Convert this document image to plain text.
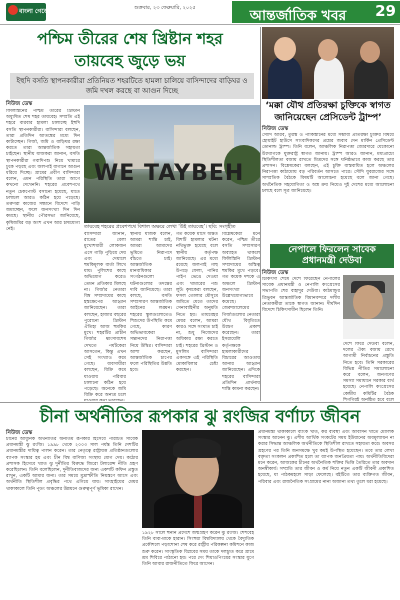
বাংলা গেজেট	শুক্রবার, ২৩ ফেব্রুয়ারি, ২০২৫	আন্তর্জাতিক খবর	29
পশ্চিম তীরের শেষ খ্রিষ্টান শহর
তায়বেহ জুড়ে ভয়
ইহুদি বসতি স্থাপনকারীরা প্রতিনিয়ত শহরটিতে হামলা চালিয়ে বাসিন্দাদের বাড়িঘর ও জমি দখল করছে বা আগুন দিচ্ছে
নিউজ ডেস্ক
ফিলিস্তিনের পশ্চিম তীরের খ্রিস্টান অধ্যুষিত শেষ শহর তায়বেহ। সম্প্রতি এই শহরে বারবার হামলা চালাচ্ছে ইহুদি বসতি স্থাপনকারীরা। বাসিন্দারা বলছেন, তারা প্রতিদিন আতঙ্কের মধ্যে দিন কাটাচ্ছেন। গির্জা, জমি ও বাড়িঘর রক্ষা করতে তারা আন্তর্জাতিক সহায়তা চাইছেন। স্থানীয় যাজকরা জানান, বসতি স্থাপনকারীরা গবাদিপশু নিয়ে খামারে ঢুকে পড়ছে এবং জলপাই বাগানে আগুন ধরিয়ে দিচ্ছে। গ্রামের প্রবীণ বাসিন্দারা বলেন, এমন পরিস্থিতি তারা আগে কখনো দেখেননি। শহরের প্রবেশপথে নতুন চেকপোস্ট বসানো হয়েছে, যাতে চলাচল আরও কঠিন হয়ে পড়েছে। তরুণরা কাজের সন্ধানে বিদেশে পাড়ি জমাচ্ছেন, ফলে জনসংখ্যা দিন দিন কমছে। স্থানীয় পৌরসভা জানিয়েছে, কৃষিজমির বড় অংশ এখন আর চাষযোগ্য নেই।
WE TAYBEH
তায়বেহ শহরের প্রবেশপথে বিশাল অক্ষরে লেখা ‘উই তায়বেহ’। ছবি: সংগৃহীত
বাসিন্দারা জানান, রাতের বেলা মুখোশধারী লোকজন এসে গাড়ি পুড়িয়ে দেয় এবং দেয়ালে হুমকিমূলক বার্তা লিখে যায়। পুলিশের কাছে অভিযোগ করেও তেমন প্রতিকার মিলছে না। গির্জার নেতারা বিশ্ব সম্প্রদায়ের কাছে হস্তক্ষেপের আহ্বান জানিয়েছেন। তারা বলছেন, হাজার বছরের পুরোনো খ্রিস্টান ঐতিহ্য আজ হুমকির মুখে। শহরটির প্রাচীন গির্জার ধ্বংসাবশেষ দেখতে পর্যটকেরা আসতেন, কিন্তু এখন সেই সংখ্যাও কমে গেছে। ব্যবসায়ীরা বলছেন, বিক্রি কমে যাওয়ায় পরিবার চালানো কঠিন হয়ে পড়েছে। অনেকে জমি বিক্রি করে অন্যত্র চলে
স্থানীয় যাজক বলেন, আমরা শান্তি চাই, আমরা আমাদের ভূমিতে নিরাপদে বাঁচতে চাই। আন্তর্জাতিক মানবাধিকার সংগঠনগুলো ঘটনাগুলোর তদন্তের দাবি জানিয়েছে। তারা বলছে, বসতি সম্প্রসারণ আন্তর্জাতিক আইনের লঙ্ঘন। শহরের স্কুলগুলোতেও শিশুদের উপস্থিতি কমে গেছে, কারণ অভিভাবকেরা সন্তানদের নিরাপত্তা নিয়ে উদ্বিগ্ন। বাসিন্দারা আশা করছেন, আন্তর্জাতিক চাপের ফলে পরিস্থিতির উন্নতি হবে।
গত কয়েক মাসে অন্তত বিশটি হামলার ঘটনা নথিভুক্ত হয়েছে বলে স্থানীয় কর্তৃপক্ষ জানিয়েছে। এর মধ্যে রয়েছে জলপাই গাছ উপড়ে ফেলা, পানির পাইপ ভেঙে দেওয়া এবং খামারের পশু লুট। কৃষকেরা বলছেন, ফসল তোলার মৌসুমে জমিতে যেতে তাদের সেনাবাহিনীর অনুমতি নিতে হয়। তায়বেহর মেয়র বলেন, আমরা কারও সঙ্গে সংঘাত চাই না, শুধু নিজেদের অধিকার রক্ষা করতে চাই। শহরের খ্রিস্টান ও মুসলিম বাসিন্দারা একসঙ্গে এই পরিস্থিতি মোকাবিলার চেষ্টা করছেন।
বিশ্লেষকেরা মনে করেন, পশ্চিম তীরে বসতি সম্প্রসারণ অব্যাহত থাকলে ফিলিস্তিনি খ্রিস্টান সম্প্রদায়ের অস্তিত্ব হুমকির মুখে পড়বে। গত কয়েক দশকে এ অঞ্চলে খ্রিস্টান জনসংখ্যা উল্লেখযোগ্যভাবে কমেছে। জেরুজালেমের গির্জাগুলোর নেতারা যৌথ বিবৃতিতে উদ্বেগ প্রকাশ করেছেন। তারা ইসরায়েলি কর্তৃপক্ষকে হামলাকারীদের বিচারের আওতায় আনার আহ্বান জানিয়েছেন। এদিকে শহরের বাসিন্দারা প্রতিদিন প্রার্থনায় শান্তি কামনা করছেন।
‘মক্কা যৌথ প্রতিরক্ষা চুক্তিকে স্বাগত জানিয়েছেন প্রেসিডেন্ট ট্রাম্প’
নিউজ ডেস্ক
সৌদি আরব, তুরস্ক ও পাকিস্তানের মধ্যে সম্ভাব্য প্রতিরক্ষা চুক্তির বিষয়ে হোয়াইট হাউসে সাংবাদিকদের প্রশ্নের জবাব দেন মার্কিন প্রেসিডেন্ট ডোনাল্ড ট্রাম্প। তিনি বলেন, আঞ্চলিক নিরাপত্তা জোরদারে যেকোনো উদ্যোগকে যুক্তরাষ্ট্র স্বাগত জানায়। ট্রাম্প আরও জানান, মধ্যপ্রাচ্যে স্থিতিশীলতা বজায় রাখতে মিত্রদের সঙ্গে ঘনিষ্ঠভাবে কাজ করছে তার প্রশাসন। বিশ্লেষকেরা বলছেন, এই চুক্তি বাস্তবায়িত হলে অঞ্চলের নিরাপত্তা কাঠামোয় বড় পরিবর্তন আসতে পারে। সৌদি যুবরাজের সঙ্গে সাম্প্রতিক বৈঠকে বিষয়টি আলোচনা হয়েছে বলে জানা গেছে। অর্থনৈতিক সহযোগিতা ও অস্ত্র ক্রয় নিয়েও দুই দেশের মধ্যে আলোচনা চলছে বলে সূত্র জানিয়েছে।
নেপালে ফিরলেন সাবেক
প্রধানমন্ত্রী দেউবা
নিউজ ডেস্ক
চিকিৎসা শেষে দেশে ফিরেছেন নেপালের সাবেক প্রধানমন্ত্রী ও নেপালি কংগ্রেসের সভাপতি শের বাহাদুর দেউবা। কাঠমান্ডুর ত্রিভুবন আন্তর্জাতিক বিমানবন্দরে দলীয় নেতাকর্মীরা তাকে স্বাগত জানান। দীর্ঘদিন বিদেশে চিকিৎসাধীন ছিলেন তিনি।
দেশে ফিরে দেউবা বলেন, দলের ঐক্য বজায় রেখে আগামী নির্বাচনের প্রস্তুতি নিতে হবে। তিনি সরকারের বিভিন্ন নীতির সমালোচনা করে বলেন, জনগণের সমস্যা সমাধানে সরকার ব্যর্থ হয়েছে। নেপালি কংগ্রেসের কেন্দ্রীয় কমিটির বৈঠক শিগগিরই অনুষ্ঠিত হবে বলে
চীনা অর্থনীতির রূপকার ঝু রংজির বর্ণাঢ্য জীবন
নিউজ ডেস্ক
চীনের আধুনিক অর্থনীতির অন্যতম রূপকার হিসেবে পরিচিত সাবেক প্রধানমন্ত্রী ঝু রংজি। ১৯৯৮ থেকে ২০০৩ সাল পর্যন্ত তিনি দেশটির প্রধানমন্ত্রীর দায়িত্ব পালন করেন। তার নেতৃত্বে রাষ্ট্রায়ত্ত প্রতিষ্ঠানগুলোর ব্যাপক সংস্কার হয় এবং চীন বিশ্ব বাণিজ্য সংস্থায় যোগ দেয়। কঠোর প্রশাসক হিসেবে খ্যাত ঝু দুর্নীতির বিরুদ্ধে জিরো টলারেন্স নীতি গ্রহণ করেছিলেন। তিনি বলেছিলেন, দুর্নীতিবাজদের জন্য একশটি কফিন প্রস্তুত রাখুন, একটি আমার জন্য। তার সময়ে মুদ্রাস্ফীতি নিয়ন্ত্রণে আসে এবং অর্থনীতি স্থিতিশীল প্রবৃদ্ধির পথে এগিয়ে যায়। সাংহাইয়ের মেয়র থাকাকালে তিনি পুডং অঞ্চলের উন্নয়নে গুরুত্বপূর্ণ ভূমিকা রাখেন।
১৯২৮ সালে হুনান প্রদেশে জন্মগ্রহণ করেন ঝু রংজি। শৈশবেই তিনি বাবা-মাকে হারান। সিংহুয়া বিশ্ববিদ্যালয় থেকে বৈদ্যুতিক প্রকৌশলে পড়াশোনা শেষ করে রাষ্ট্রীয় পরিকল্পনা কমিশনে কাজ শুরু করেন। সাংস্কৃতিক বিপ্লবের সময় তাকে দলচ্যুত করে গ্রামে শ্রম শিবিরে পাঠানো হয়। পরে দেং শিয়াওপিংয়ের সংস্কার যুগে তিনি আবার রাজনীতিতে ফিরে আসেন।
প্রধানমন্ত্রী থাকাকালে ব্যাংক খাত, কর ব্যবস্থা এবং আবাসন খাতে মৌলিক সংস্কার আনেন ঝু। এশীয় আর্থিক সংকটের সময় ইউয়ানের অবমূল্যায়ন না করার সিদ্ধান্ত আঞ্চলিক অর্থনীতিকে স্থিতিশীল রাখতে সহায়তা করে। অবসর গ্রহণের পর তিনি জনসমক্ষে খুব কমই উপস্থিত হয়েছেন। তবে তার লেখা বক্তৃতা সংকলন প্রকাশিত হলে তা ব্যাপক জনপ্রিয়তা পায়। অর্থনীতিবিদেরা মনে করেন, আজকের চীনের অর্থনৈতিক শক্তির ভিত্তি তৈরিতে তার অবদান অনস্বীকার্য। সম্প্রতি তার জীবন ও কর্ম নিয়ে নতুন একটি জীবনী প্রকাশিত হয়েছে, যা পাঠকমহলে সাড়া ফেলেছে। বইটিতে তার ব্যক্তিগত জীবন, পরিবার এবং রাজনৈতিক সংগ্রামের নানা অজানা তথ্য তুলে ধরা হয়েছে।
